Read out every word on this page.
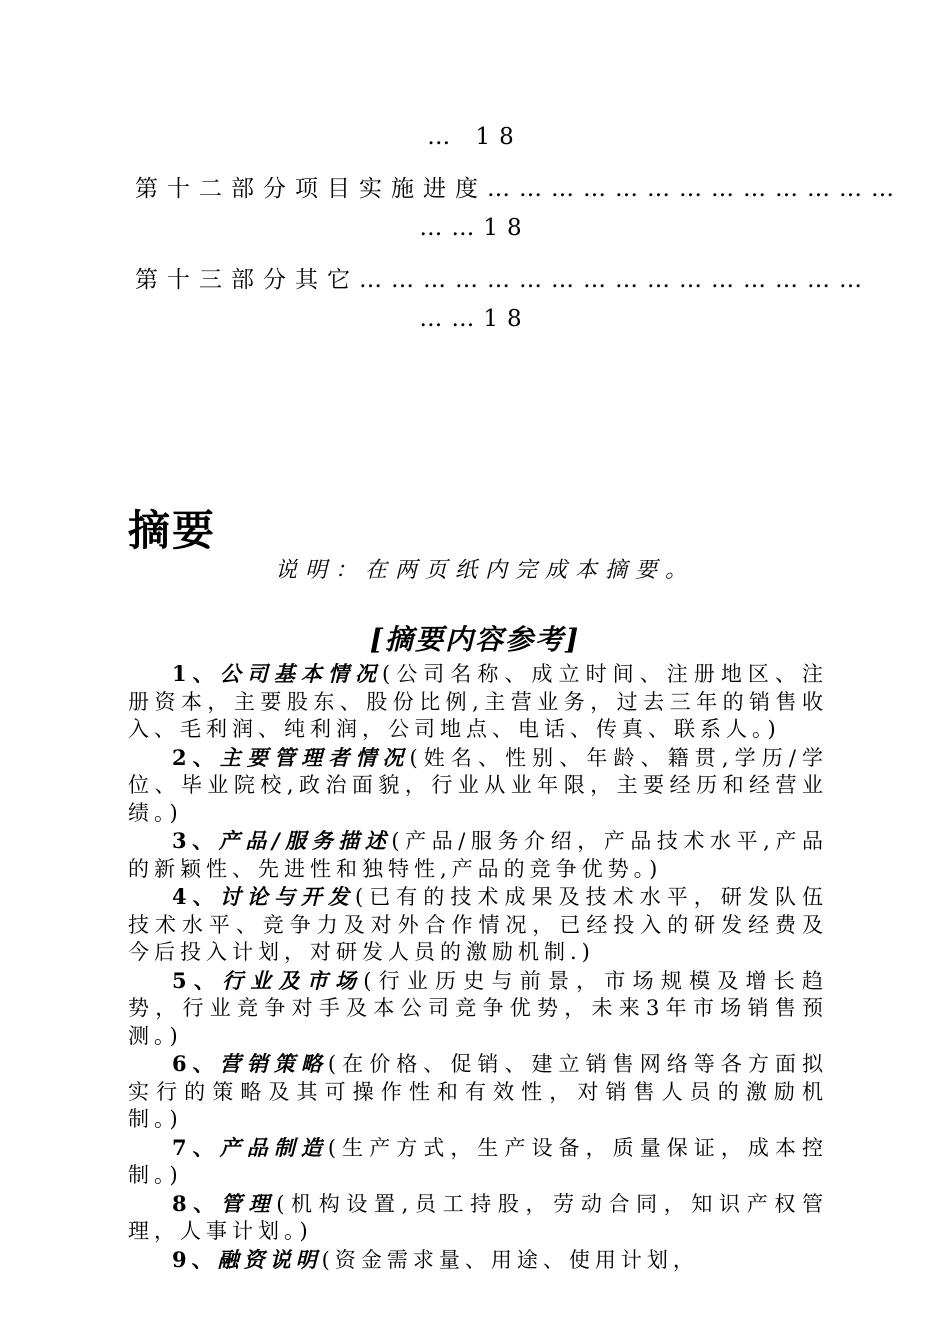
… 18
第十二部分项目实施进度…………………………………
……18
第十三部分其它…………………………………………
……18
摘要
说明：在两页纸内完成本摘要。
[摘要内容参考]

1、公司基本情况(公司名称、成立时间、注册地区、注册资本，主要股东、股份比例,主营业务，过去三年的销售收入、毛利润、纯利润，公司地点、电话、传真、联系人。)

2、主要管理者情况(姓名、性别、年龄、籍贯,学历/学位、毕业院校,政治面貌，行业从业年限，主要经历和经营业绩。)

3、产品/服务描述(产品/服务介绍，产品技术水平,产品的新颖性、先进性和独特性,产品的竞争优势。)

4、讨论与开发(已有的技术成果及技术水平，研发队伍技术水平、竞争力及对外合作情况，已经投入的研发经费及今后投入计划，对研发人员的激励机制.)

5、行业及市场(行业历史与前景，市场规模及增长趋势，行业竞争对手及本公司竞争优势，未来3年市场销售预测。)

6、营销策略(在价格、促销、建立销售网络等各方面拟实行的策略及其可操作性和有效性，对销售人员的激励机制。)

7、产品制造(生产方式，生产设备，质量保证，成本控制。)

8、管理(机构设置,员工持股，劳动合同，知识产权管理，人事计划。)

9、融资说明(资金需求量、用途、使用计划，
